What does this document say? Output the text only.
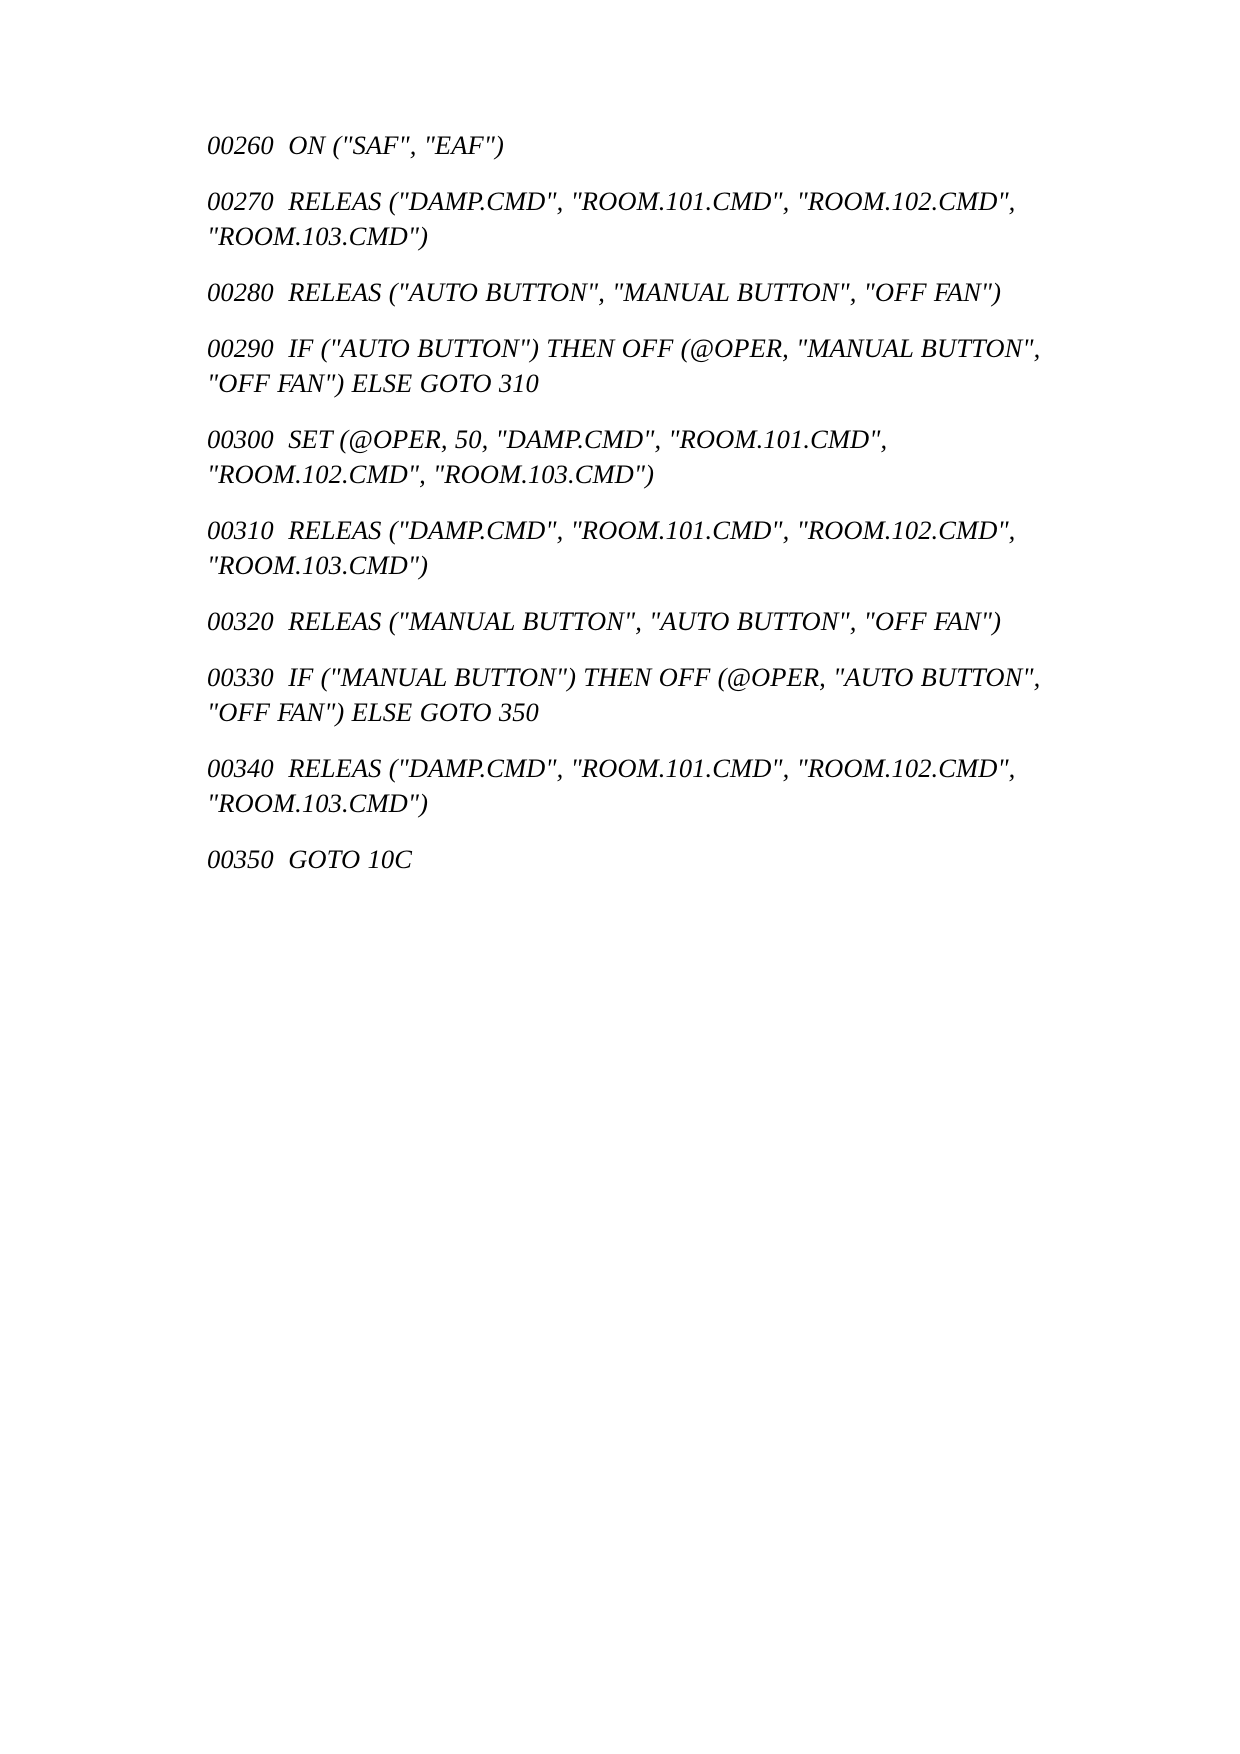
00260  ON ("SAF", "EAF")

00270  RELEAS ("DAMP.CMD", "ROOM.101.CMD", "ROOM.102.CMD", "ROOM.103.CMD")

00280  RELEAS ("AUTO BUTTON", "MANUAL BUTTON", "OFF FAN")

00290  IF ("AUTO BUTTON") THEN OFF (@OPER, "MANUAL BUTTON", "OFF FAN") ELSE GOTO 310

00300  SET (@OPER, 50, "DAMP.CMD", "ROOM.101.CMD", "ROOM.102.CMD", "ROOM.103.CMD")

00310  RELEAS ("DAMP.CMD", "ROOM.101.CMD", "ROOM.102.CMD", "ROOM.103.CMD")

00320  RELEAS ("MANUAL BUTTON", "AUTO BUTTON", "OFF FAN")

00330  IF ("MANUAL BUTTON") THEN OFF (@OPER, "AUTO BUTTON", "OFF FAN") ELSE GOTO 350

00340  RELEAS ("DAMP.CMD", "ROOM.101.CMD", "ROOM.102.CMD", "ROOM.103.CMD")

00350  GOTO 10C
